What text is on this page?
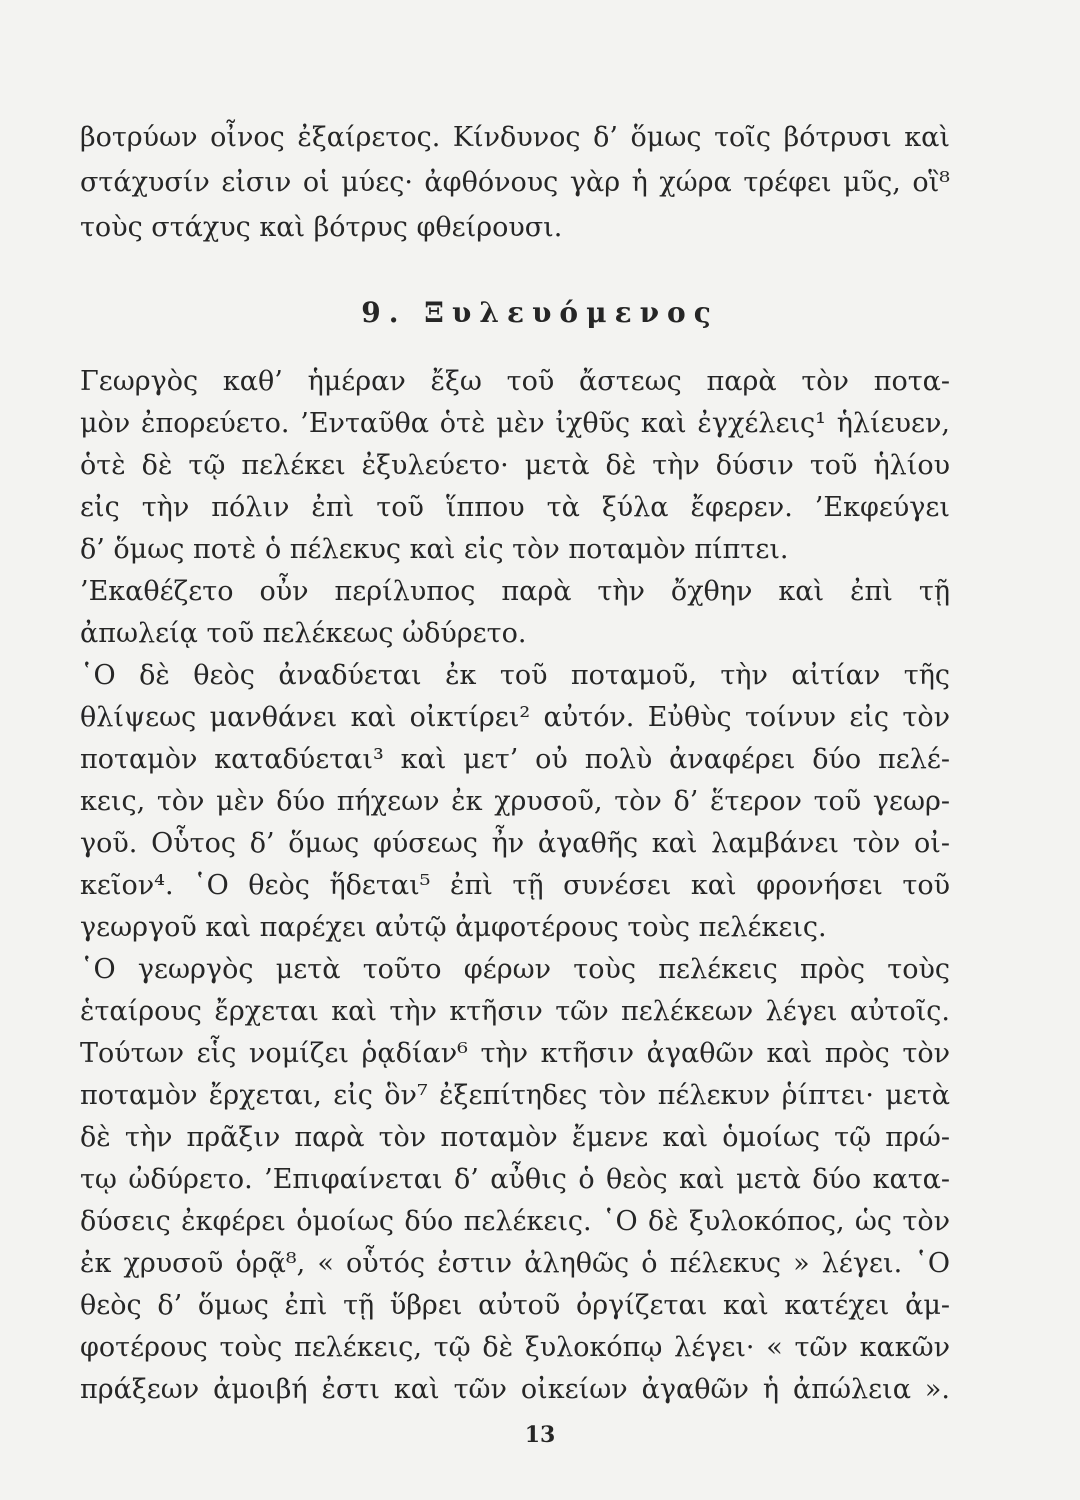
βοτρύων οἶνος ἐξαίρετος. Κίνδυνος δ’ ὅμως τοῖς βότρυσι καὶ
στάχυσίν εἰσιν οἱ μύες· ἀφθόνους γὰρ ἡ χώρα τρέφει μῦς, οἳ⁸
τοὺς στάχυς καὶ βότρυς φθείρουσι.
9. Ξυλευόμενος
Γεωργὸς καθ’ ἡμέραν ἔξω τοῦ ἄστεως παρὰ τὸν ποτα-
μὸν ἐπορεύετο. ’Ενταῦθα ὁτὲ μὲν ἰχθῦς καὶ ἐγχέλεις¹ ἡλίευεν,
ὁτὲ δὲ τῷ πελέκει ἐξυλεύετο· μετὰ δὲ τὴν δύσιν τοῦ ἡλίου
εἰς τὴν πόλιν ἐπὶ τοῦ ἵππου τὰ ξύλα ἔφερεν. ’Εκφεύγει
δ’ ὅμως ποτὲ ὁ πέλεκυς καὶ εἰς τὸν ποταμὸν πίπτει.
’Εκαθέζετο οὖν περίλυπος παρὰ τὴν ὄχθην καὶ ἐπὶ τῇ
ἀπωλείᾳ τοῦ πελέκεως ὠδύρετο.
῾Ο δὲ θεὸς ἀναδύεται ἐκ τοῦ ποταμοῦ, τὴν αἰτίαν τῆς
θλίψεως μανθάνει καὶ οἰκτίρει² αὐτόν. Εὐθὺς τοίνυν εἰς τὸν
ποταμὸν καταδύεται³ καὶ μετ’ οὐ πολὺ ἀναφέρει δύο πελέ-
κεις, τὸν μὲν δύο πήχεων ἐκ χρυσοῦ, τὸν δ’ ἕτερον τοῦ γεωρ-
γοῦ. Οὗτος δ’ ὅμως φύσεως ἦν ἀγαθῆς καὶ λαμβάνει τὸν οἰ-
κεῖον⁴. ῾Ο θεὸς ἥδεται⁵ ἐπὶ τῇ συνέσει καὶ φρονήσει τοῦ
γεωργοῦ καὶ παρέχει αὐτῷ ἀμφοτέρους τοὺς πελέκεις.
῾Ο γεωργὸς μετὰ τοῦτο φέρων τοὺς πελέκεις πρὸς τοὺς
ἑταίρους ἔρχεται καὶ τὴν κτῆσιν τῶν πελέκεων λέγει αὐτοῖς.
Τούτων εἷς νομίζει ῥᾳδίαν⁶ τὴν κτῆσιν ἀγαθῶν καὶ πρὸς τὸν
ποταμὸν ἔρχεται, εἰς ὃν⁷ ἐξεπίτηδες τὸν πέλεκυν ῥίπτει· μετὰ
δὲ τὴν πρᾶξιν παρὰ τὸν ποταμὸν ἔμενε καὶ ὁμοίως τῷ πρώ-
τῳ ὠδύρετο. ’Επιφαίνεται δ’ αὖθις ὁ θεὸς καὶ μετὰ δύο κατα-
δύσεις ἐκφέρει ὁμοίως δύο πελέκεις. ῾Ο δὲ ξυλοκόπος, ὡς τὸν
ἐκ χρυσοῦ ὁρᾷ⁸, « οὗτός ἐστιν ἀληθῶς ὁ πέλεκυς » λέγει. ῾Ο
θεὸς δ’ ὅμως ἐπὶ τῇ ὕβρει αὐτοῦ ὀργίζεται καὶ κατέχει ἀμ-
φοτέρους τοὺς πελέκεις, τῷ δὲ ξυλοκόπῳ λέγει· « τῶν κακῶν
13
πράξεων ἀμοιβή ἐστι καὶ τῶν οἰκείων ἀγαθῶν ἡ ἀπώλεια ».
